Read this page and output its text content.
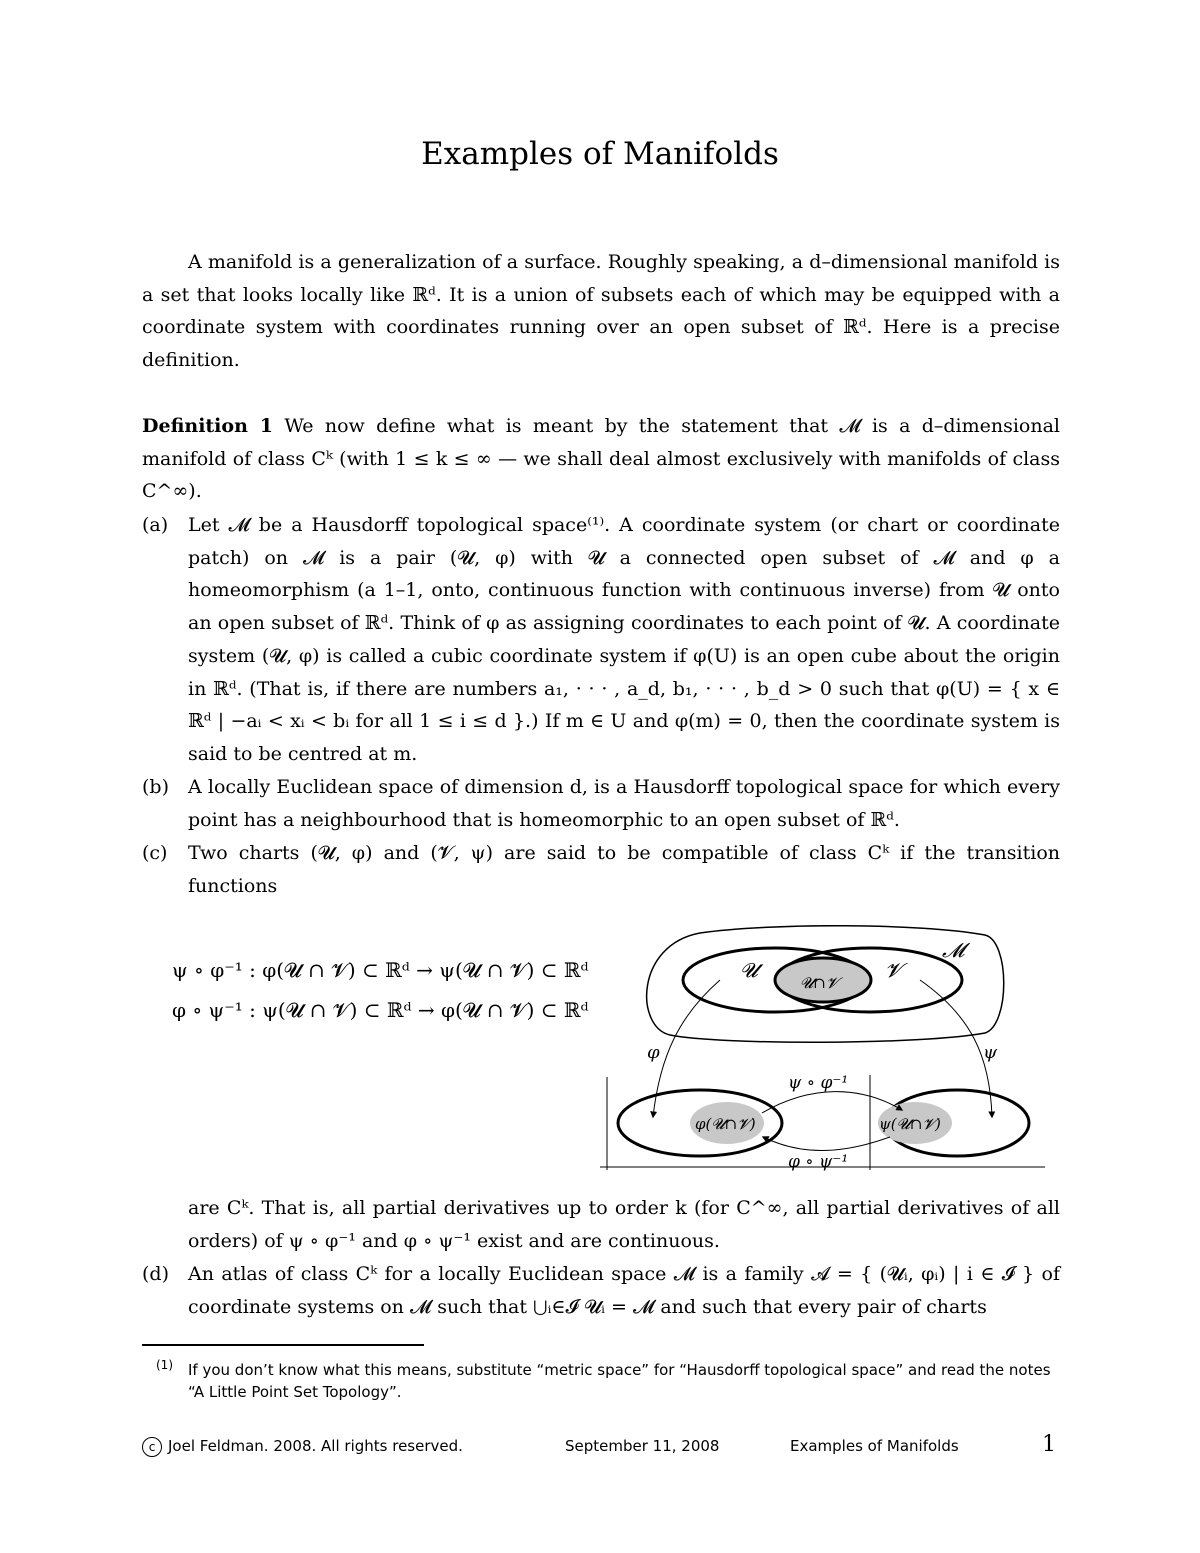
Examples of Manifolds
A manifold is a generalization of a surface. Roughly speaking, a d–dimensional manifold is a set that looks locally like ℝᵈ. It is a union of subsets each of which may be equipped with a coordinate system with coordinates running over an open subset of ℝᵈ. Here is a precise definition.
Definition 1 We now define what is meant by the statement that 𝓜 is a d–dimensional manifold of class Cᵏ (with 1 ≤ k ≤ ∞ — we shall deal almost exclusively with manifolds of class C^∞).
(a) Let 𝓜 be a Hausdorff topological space⁽¹⁾. A coordinate system (or chart or coordinate patch) on 𝓜 is a pair (𝓤, φ) with 𝓤 a connected open subset of 𝓜 and φ a homeomorphism (a 1–1, onto, continuous function with continuous inverse) from 𝓤 onto an open subset of ℝᵈ. Think of φ as assigning coordinates to each point of 𝓤. A coordinate system (𝓤, φ) is called a cubic coordinate system if φ(U) is an open cube about the origin in ℝᵈ. (That is, if there are numbers a₁, · · · , a_d, b₁, · · · , b_d > 0 such that φ(U) = { x ∈ ℝᵈ | −aᵢ < xᵢ < bᵢ for all 1 ≤ i ≤ d }.) If m ∈ U and φ(m) = 0, then the coordinate system is said to be centred at m.
(b) A locally Euclidean space of dimension d, is a Hausdorff topological space for which every point has a neighbourhood that is homeomorphic to an open subset of ℝᵈ.
(c) Two charts (𝓤, φ) and (𝓥, ψ) are said to be compatible of class Cᵏ if the transition functions
ψ ∘ φ⁻¹ : φ(𝓤 ∩ 𝓥) ⊂ ℝᵈ → ψ(𝓤 ∩ 𝓥) ⊂ ℝᵈ
φ ∘ ψ⁻¹ : ψ(𝓤 ∩ 𝓥) ⊂ ℝᵈ → φ(𝓤 ∩ 𝓥) ⊂ ℝᵈ
𝓜
𝓤	𝓥
𝓤∩𝓥
φ(𝓤∩𝓥)	ψ(𝓤∩𝓥)
φ	ψ
ψ ∘ φ⁻¹
φ ∘ ψ⁻¹
are Cᵏ. That is, all partial derivatives up to order k (for C^∞, all partial derivatives of all orders) of ψ ∘ φ⁻¹ and φ ∘ ψ⁻¹ exist and are continuous.
(d) An atlas of class Cᵏ for a locally Euclidean space 𝓜 is a family 𝓐 = { (𝓤ᵢ, φᵢ) | i ∈ 𝓘 } of coordinate systems on 𝓜 such that ⋃ᵢ∈𝓘 𝓤ᵢ = 𝓜 and such that every pair of charts
(1) If you don’t know what this means, substitute “metric space” for “Hausdorff topological space” and read the notes “A Little Point Set Topology”.
c Joel Feldman. 2008. All rights reserved.	September 11, 2008	Examples of Manifolds	1
